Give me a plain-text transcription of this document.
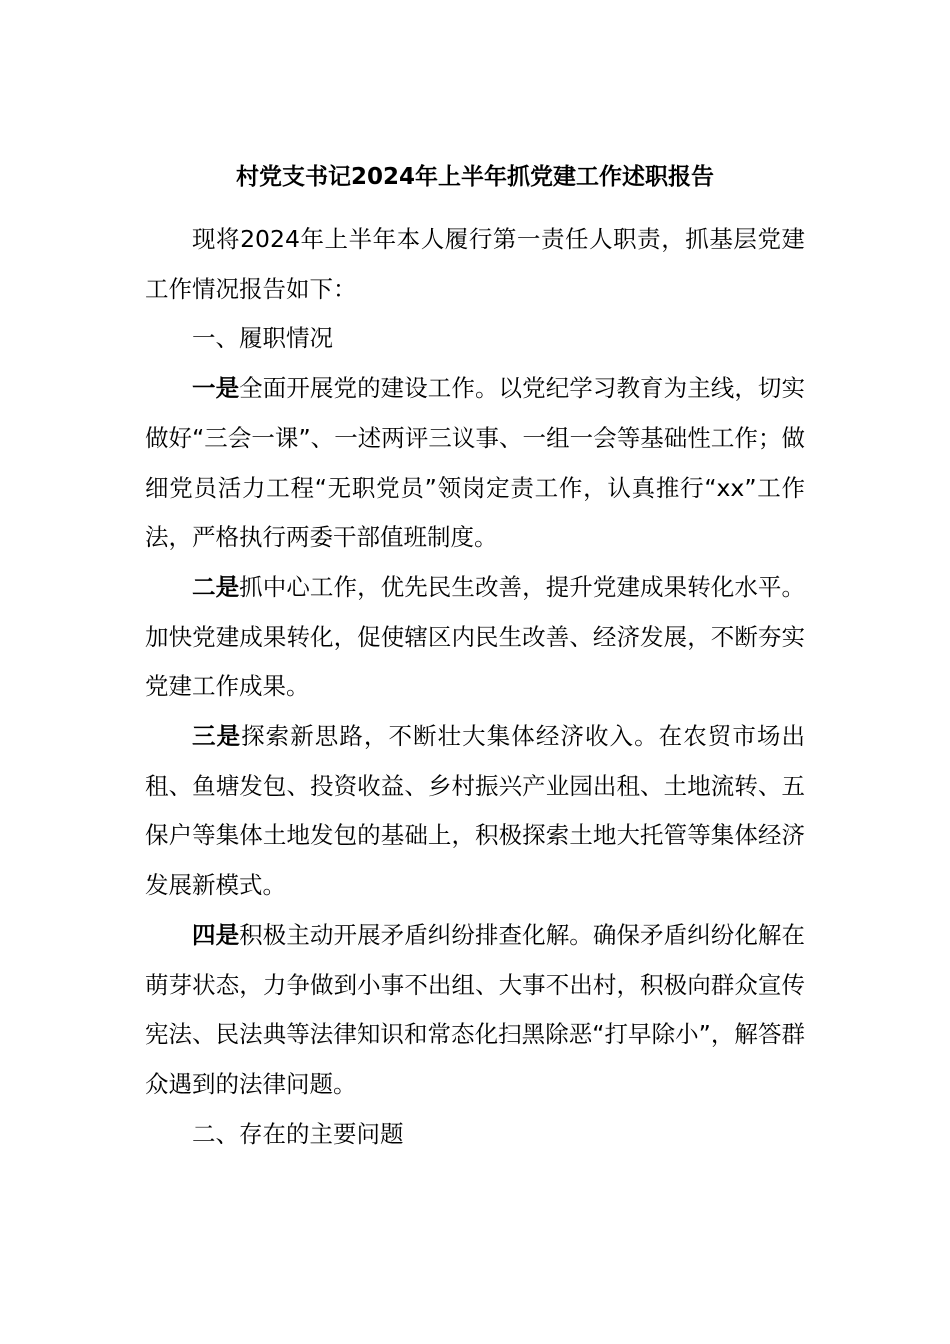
村党支书记2024年上半年抓党建工作述职报告

现将2024年上半年本人履行第一责任人职责，抓基层党建工作情况报告如下：

一、履职情况

一是全面开展党的建设工作。以党纪学习教育为主线，切实做好“三会一课”、一述两评三议事、一组一会等基础性工作；做细党员活力工程“无职党员”领岗定责工作，认真推行“xx”工作法，严格执行两委干部值班制度。

二是抓中心工作，优先民生改善，提升党建成果转化水平。加快党建成果转化，促使辖区内民生改善、经济发展，不断夯实党建工作成果。

三是探索新思路，不断壮大集体经济收入。在农贸市场出租、鱼塘发包、投资收益、乡村振兴产业园出租、土地流转、五保户等集体土地发包的基础上，积极探索土地大托管等集体经济发展新模式。

四是积极主动开展矛盾纠纷排查化解。确保矛盾纠纷化解在萌芽状态，力争做到小事不出组、大事不出村，积极向群众宣传宪法、民法典等法律知识和常态化扫黑除恶“打早除小”，解答群众遇到的法律问题。

二、存在的主要问题
